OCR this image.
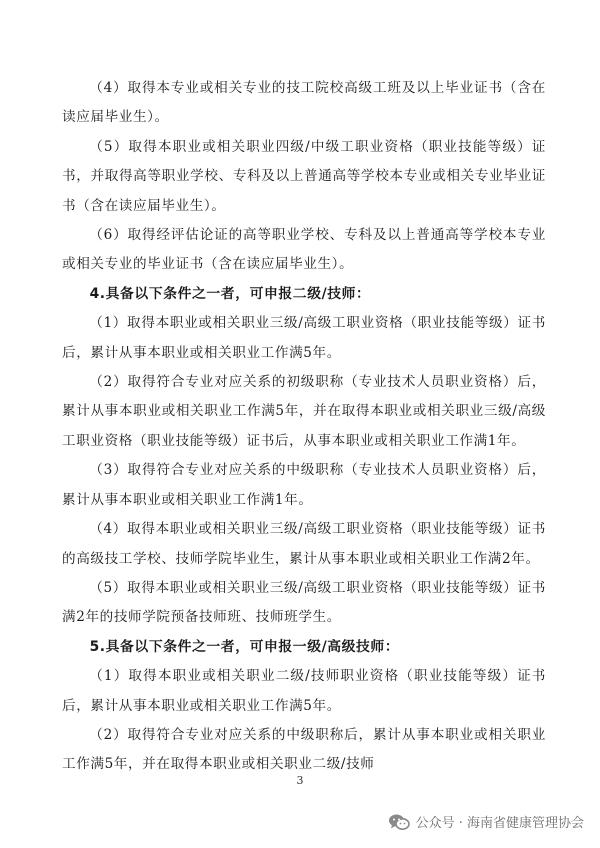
（4）取得本专业或相关专业的技工院校高级工班及以上毕业证书（含在读应届毕业生）。

（5）取得本职业或相关职业四级/中级工职业资格（职业技能等级）证书，并取得高等职业学校、专科及以上普通高等学校本专业或相关专业毕业证书（含在读应届毕业生）。

（6）取得经评估论证的高等职业学校、专科及以上普通高等学校本专业或相关专业的毕业证书（含在读应届毕业生）。

4.具备以下条件之一者，可申报二级/技师：

（1）取得本职业或相关职业三级/高级工职业资格（职业技能等级）证书后，累计从事本职业或相关职业工作满5年。

（2）取得符合专业对应关系的初级职称（专业技术人员职业资格）后，累计从事本职业或相关职业工作满5年，并在取得本职业或相关职业三级/高级工职业资格（职业技能等级）证书后，从事本职业或相关职业工作满1年。

（3）取得符合专业对应关系的中级职称（专业技术人员职业资格）后，累计从事本职业或相关职业工作满1年。

（4）取得本职业或相关职业三级/高级工职业资格（职业技能等级）证书的高级技工学校、技师学院毕业生，累计从事本职业或相关职业工作满2年。

（5）取得本职业或相关职业三级/高级工职业资格（职业技能等级）证书满2年的技师学院预备技师班、技师班学生。

5.具备以下条件之一者，可申报一级/高级技师：

（1）取得本职业或相关职业二级/技师职业资格（职业技能等级）证书后，累计从事本职业或相关职业工作满5年。

（2）取得符合专业对应关系的中级职称后，累计从事本职业或相关职业工作满5年，并在取得本职业或相关职业二级/技师

3
公众号 · 海南省健康管理协会
